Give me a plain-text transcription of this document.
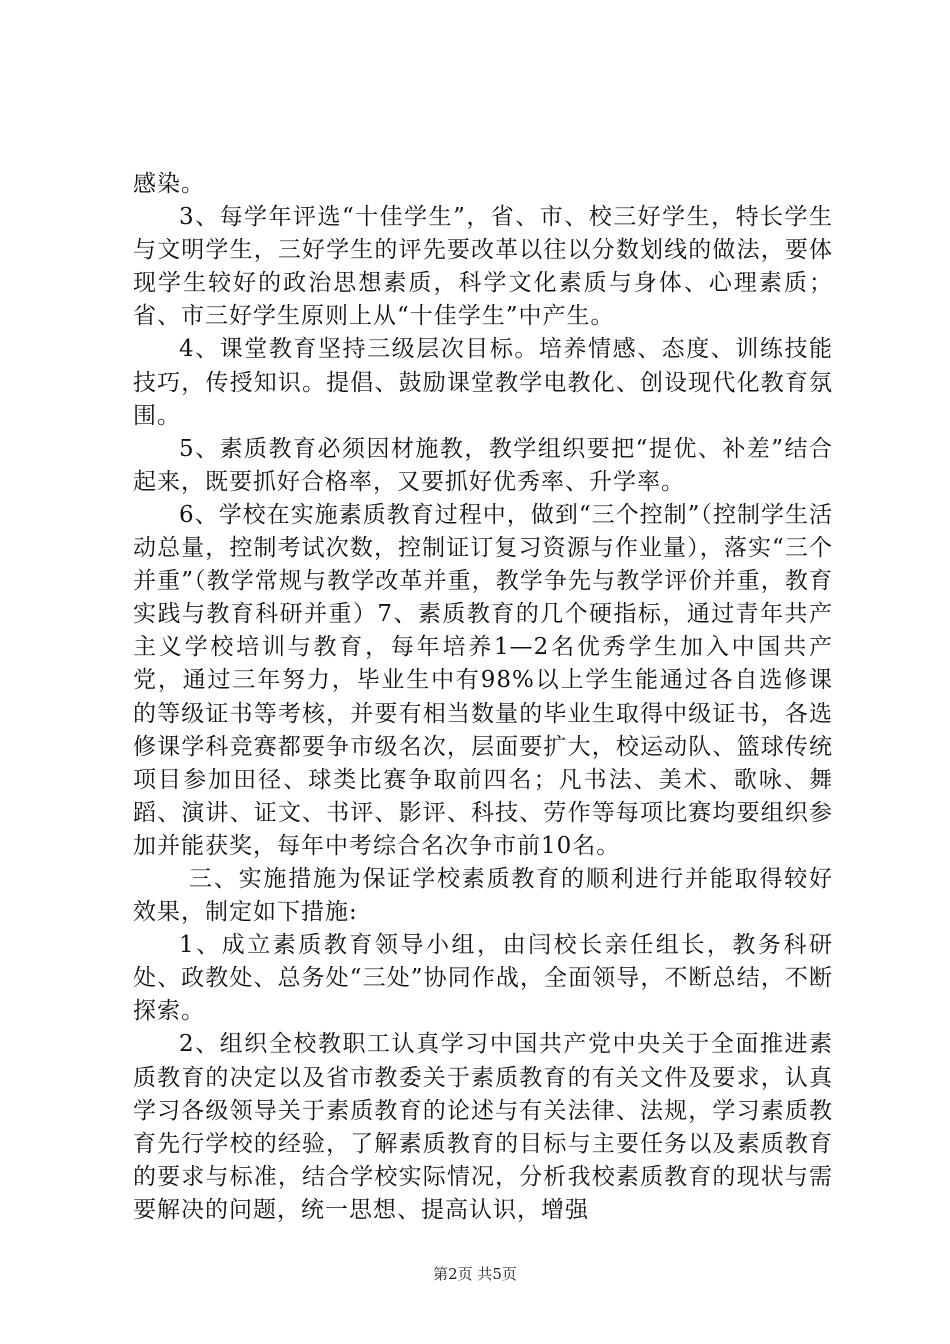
感染。

3、每学年评选“十佳学生”，省、市、校三好学生，特长学生与文明学生，三好学生的评先要改革以往以分数划线的做法，要体现学生较好的政治思想素质，科学文化素质与身体、心理素质；省、市三好学生原则上从“十佳学生”中产生。

4、课堂教育坚持三级层次目标。培养情感、态度、训练技能技巧，传授知识。提倡、鼓励课堂教学电教化、创设现代化教育氛围。

5、素质教育必须因材施教，教学组织要把“提优、补差”结合起来，既要抓好合格率，又要抓好优秀率、升学率。

6、学校在实施素质教育过程中，做到“三个控制”（控制学生活动总量，控制考试次数，控制证订复习资源与作业量），落实“三个并重”（教学常规与教学改革并重，教学争先与教学评价并重，教育实践与教育科研并重）7、素质教育的几个硬指标，通过青年共产主义学校培训与教育，每年培养1—2名优秀学生加入中国共产党，通过三年努力，毕业生中有98%以上学生能通过各自选修课的等级证书等考核，并要有相当数量的毕业生取得中级证书，各选修课学科竞赛都要争市级名次，层面要扩大，校运动队、篮球传统项目参加田径、球类比赛争取前四名；凡书法、美术、歌咏、舞蹈、演讲、证文、书评、影评、科技、劳作等每项比赛均要组织参加并能获奖，每年中考综合名次争市前10名。

三、实施措施为保证学校素质教育的顺利进行并能取得较好效果，制定如下措施:

1、成立素质教育领导小组，由闫校长亲任组长，教务科研处、政教处、总务处“三处”协同作战，全面领导，不断总结，不断探索。

2、组织全校教职工认真学习中国共产党中央关于全面推进素质教育的决定以及省市教委关于素质教育的有关文件及要求，认真学习各级领导关于素质教育的论述与有关法律、法规，学习素质教育先行学校的经验，了解素质教育的目标与主要任务以及素质教育的要求与标准，结合学校实际情况，分析我校素质教育的现状与需要解决的问题，统一思想、提高认识，增强

第2页 共5页
